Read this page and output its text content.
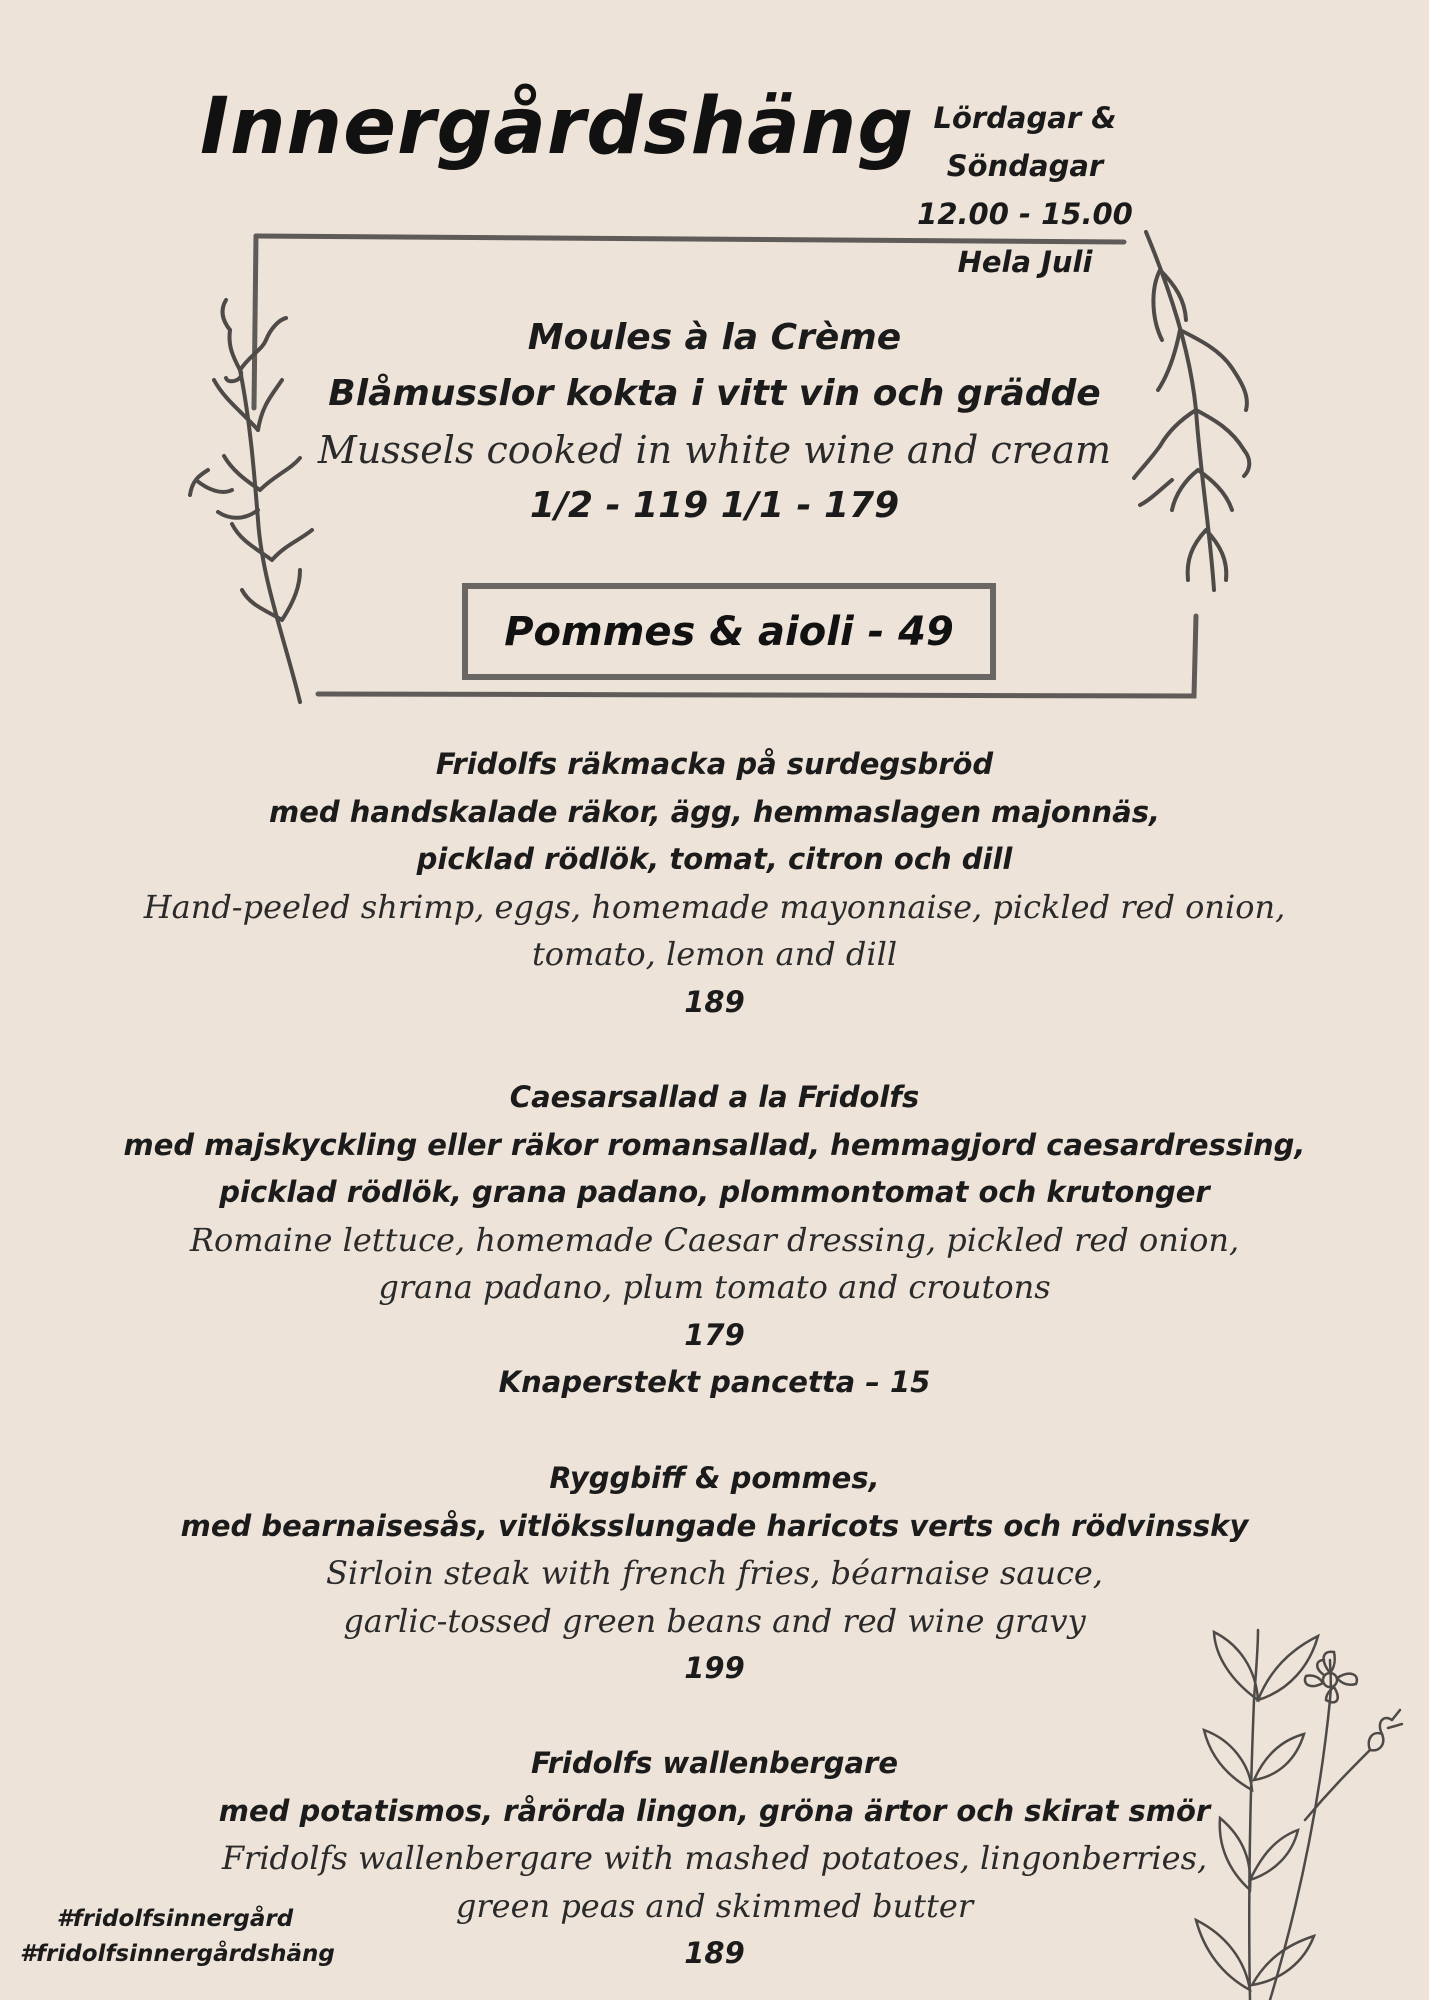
Innergårdshäng Lördagar & Söndagar
12.00 - 15.00
Hela Juli
Moules à la Crème
Blåmusslor kokta i vitt vin och grädde
Mussels cooked in white wine and cream
1/2 - 119 1/1 - 179
Pommes & aioli - 49
Fridolfs räkmacka på surdegsbröd
med handskalade räkor, ägg, hemmaslagen majonnäs,
picklad rödlök, tomat, citron och dill
Hand-peeled shrimp, eggs, homemade mayonnaise, pickled red onion,
tomato, lemon and dill
189
Caesarsallad a la Fridolfs
med majskyckling eller räkor romansallad, hemmagjord caesardressing,
picklad rödlök, grana padano, plommontomat och krutonger
Romaine lettuce, homemade Caesar dressing, pickled red onion,
grana padano, plum tomato and croutons
179
Knaperstekt pancetta – 15
Ryggbiff & pommes,
med bearnaisesås, vitlöksslungade haricots verts och rödvinssky
Sirloin steak with french fries, béarnaise sauce,
garlic-tossed green beans and red wine gravy
199
Fridolfs wallenbergare
med potatismos, rårörda lingon, gröna ärtor och skirat smör
Fridolfs wallenbergare with mashed potatoes, lingonberries,
green peas and skimmed butter
189
#fridolfsinnergård
#fridolfsinnergårdshäng
